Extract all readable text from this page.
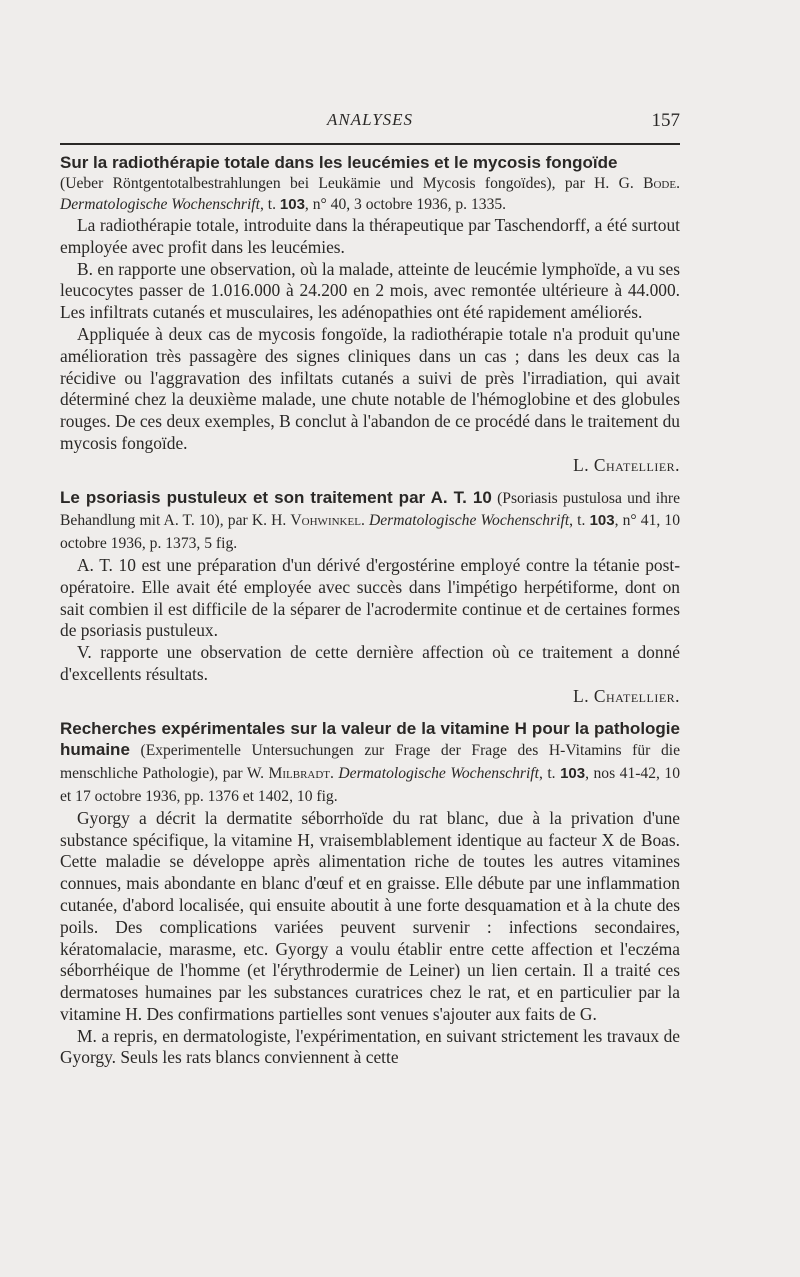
ANALYSES	157
Sur la radiothérapie totale dans les leucémies et le mycosis fongoïde
(Ueber Röntgentotalbestrahlungen bei Leukämie und Mycosis fongoïdes), par H. G. Bode. Dermatologische Wochenschrift, t. 103, n° 40, 3 octobre 1936, p. 1335.

La radiothérapie totale, introduite dans la thérapeutique par Taschendorff, a été surtout employée avec profit dans les leucémies.

B. en rapporte une observation, où la malade, atteinte de leucémie lymphoïde, a vu ses leucocytes passer de 1.016.000 à 24.200 en 2 mois, avec remontée ultérieure à 44.000. Les infiltrats cutanés et musculaires, les adénopathies ont été rapidement améliorés.

Appliquée à deux cas de mycosis fongoïde, la radiothérapie totale n'a produit qu'une amélioration très passagère des signes cliniques dans un cas ; dans les deux cas la récidive ou l'aggravation des infiltats cutanés a suivi de près l'irradiation, qui avait déterminé chez la deuxième malade, une chute notable de l'hémoglobine et des globules rouges. De ces deux exemples, B conclut à l'abandon de ce procédé dans le traitement du mycosis fongoïde.

L. Chatellier.
Le psoriasis pustuleux et son traitement par A. T. 10 (Psoriasis pustulosa und ihre Behandlung mit A. T. 10), par K. H. Vohwinkel. Dermatologische Wochenschrift, t. 103, n° 41, 10 octobre 1936, p. 1373, 5 fig.

A. T. 10 est une préparation d'un dérivé d'ergostérine employé contre la tétanie post-opératoire. Elle avait été employée avec succès dans l'impétigo herpétiforme, dont on sait combien il est difficile de la séparer de l'acrodermite continue et de certaines formes de psoriasis pustuleux.

V. rapporte une observation de cette dernière affection où ce traitement a donné d'excellents résultats.

L. Chatellier.
Recherches expérimentales sur la valeur de la vitamine H pour la pathologie humaine (Experimentelle Untersuchungen zur Frage der Frage des H-Vitamins für die menschliche Pathologie), par W. Milbradt. Dermatologische Wochenschrift, t. 103, nos 41-42, 10 et 17 octobre 1936, pp. 1376 et 1402, 10 fig.

Gyorgy a décrit la dermatite séborrhoïde du rat blanc, due à la privation d'une substance spécifique, la vitamine H, vraisemblablement identique au facteur X de Boas. Cette maladie se développe après alimentation riche de toutes les autres vitamines connues, mais abondante en blanc d'œuf et en graisse. Elle débute par une inflammation cutanée, d'abord localisée, qui ensuite aboutit à une forte desquamation et à la chute des poils. Des complications variées peuvent survenir : infections secondaires, kératomalacie, marasme, etc. Gyorgy a voulu établir entre cette affection et l'eczéma séborrhéique de l'homme (et l'érythrodermie de Leiner) un lien certain. Il a traité ces dermatoses humaines par les substances curatrices chez le rat, et en particulier par la vitamine H. Des confirmations partielles sont venues s'ajouter aux faits de G.

M. a repris, en dermatologiste, l'expérimentation, en suivant strictement les travaux de Gyorgy. Seuls les rats blancs conviennent à cette
